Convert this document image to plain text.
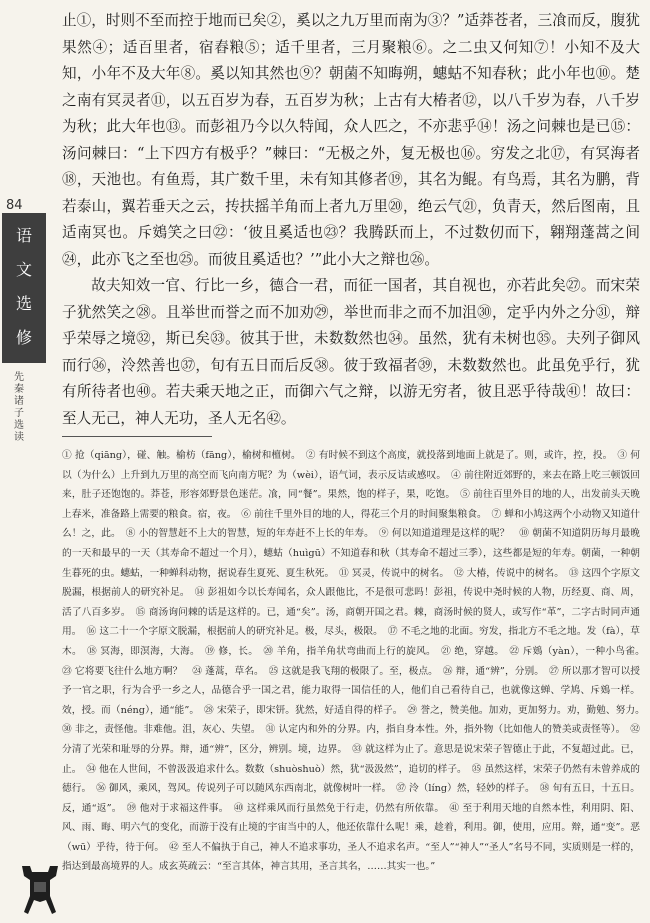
84
语
文
选
修
先秦诸子选读

止①，时则不至而控于地而已矣②，奚以之九万里而南为③？”适莽苍者，三飡而反，腹犹果然④；适百里者，宿舂粮⑤；适千里者，三月聚粮⑥。之二虫又何知⑦！小知不及大知，小年不及大年⑧。奚以知其然也⑨？朝菌不知晦朔，蟪蛄不知春秋；此小年也⑩。楚之南有冥灵者⑪，以五百岁为春，五百岁为秋；上古有大椿者⑫，以八千岁为春，八千岁为秋；此大年也⑬。而彭祖乃今以久特闻，众人匹之，不亦悲乎⑭！汤之问棘也是已⑮：汤问棘曰：“上下四方有极乎？”棘曰：“无极之外，复无极也⑯。穷发之北⑰，有冥海者⑱，天池也。有鱼焉，其广数千里，未有知其修者⑲，其名为鲲。有鸟焉，其名为鹏，背若泰山，翼若垂天之云，抟扶摇羊角而上者九万里⑳，绝云气㉑，负青天，然后图南，且适南冥也。斥鴳笑之曰㉒：‘彼且奚适也㉓？我腾跃而上，不过数仞而下，翱翔蓬蒿之间㉔，此亦飞之至也㉕。而彼且奚适也？’”此小大之辩也㉖。

故夫知效一官、行比一乡，德合一君，而征一国者，其自视也，亦若此矣㉗。而宋荣子犹然笑之㉘。且举世而誉之而不加劝㉙，举世而非之而不加沮㉚，定乎内外之分㉛，辩乎荣辱之境㉜，斯已矣㉝。彼其于世，未数数然也㉞。虽然，犹有未树也㉟。夫列子御风而行㊱，泠然善也㊲，旬有五日而后反㊳。彼于致福者㊴，未数数然也。此虽免乎行，犹有所待者也㊵。若夫乘天地之正，而御六气之辩，以游无穷者，彼且恶乎待哉㊶！故曰：至人无己，神人无功，圣人无名㊷。

① 抢（qiāng），碰、触。榆枋（fāng），榆树和檀树。　② 有时候不到这个高度，就投落到地面上就是了。则，或许，控，投。　③ 何以（为什么）上升到九万里的高空而飞向南方呢？为（wèi），语气词，表示反诘或感叹。　④ 前往附近郊野的，来去在路上吃三顿饭回来，肚子还饱饱的。莽苍，形容郊野景色迷茫。飡，同“餐”。果然，饱的样子，果，吃饱。　⑤ 前往百里外目的地的人，出发前头天晚上春米，准备路上需要的粮食。宿，夜。　⑥ 前往千里外目的地的人，得花三个月的时间聚集粮食。　⑦ 蝉和小鸠这两个小动物又知道什么！之，此。　⑧ 小的智慧赶不上大的智慧，短的年寿赶不上长的年寿。　⑨ 何以知道道理是这样的呢？　⑩ 朝菌不知道阴历每月最晚的一天和最早的一天（其寿命不超过一个月），蟪蛄（huìgū）不知道春和秋（其寿命不超过三季），这些都是短的年寿。朝菌，一种朝生暮死的虫。蟪蛄，一种蝉科动物，据说春生夏死、夏生秋死。　⑪ 冥灵，传说中的树名。　⑫ 大椿，传说中的树名。　⑬ 这四个字原文脱漏，根据前人的研究补足。　⑭ 彭祖如今以长寿闻名，众人跟他比，不是很可悲吗！彭祖，传说中尧时候的人物，历经夏、商、周，活了八百多岁。　⑮ 商汤询问棘的话是这样的。已，通“矣”。汤，商朝开国之君。棘，商汤时候的贤人，或写作“革”，二字古时同声通用。　⑯ 这二十一个字原文脱漏，根据前人的研究补足。极，尽头，极限。　⑰ 不毛之地的北面。穷发，指北方不毛之地。发（fà），草木。　⑱ 冥海，即溟海，大海。　⑲ 修，长。　⑳ 羊角，指羊角状弯曲而上行的旋风。　㉑ 绝，穿越。　㉒ 斥鴳（yàn），一种小鸟雀。　㉓ 它将要飞往什么地方啊？　㉔ 蓬蒿，草名。　㉕ 这就是我飞翔的极限了。至，极点。　㉖ 辩，通“辨”，分别。　㉗ 所以那才智可以授予一官之职，行为合乎一乡之人，品德合乎一国之君，能力取得一国信任的人，他们自己看待自己，也就像这蝉、学鸠、斥鴳一样。效，授。而（néng），通“能”。　㉘ 宋荣子，即宋钘。犹然，好适自得的样子。　㉙ 誉之，赞美他。加劝，更加努力。劝，勤勉、努力。　㉚ 非之，责怪他。非难他。沮，灰心、失望。　㉛ 认定内和外的分界。内，指自身本性。外，指外物（比如他人的赞美或责怪等）。　㉜ 分清了光荣和耻辱的分界。辩，通“辨”，区分，辨别。境，边界。　㉝ 就这样为止了。意思是说宋荣子智德止于此，不复超过此。已，止。　㉞ 他在人世间，不曾汲汲追求什么。数数（shuòshuò）然，犹“汲汲然”，追切的样子。　㉟ 虽然这样，宋荣子仍然有未曾养成的德行。　㊱ 御风，乘风，驾风。传说列子可以随风东西南北，就像树叶一样。　㊲ 泠（líng）然，轻妙的样子。　㊳ 旬有五日，十五日。反，通“返”。　㊴ 他对于求福这件事。　㊵ 这样乘风而行虽然免于行走，仍然有所依靠。　㊶ 至于利用天地的自然本性，利用阴、阳、风、雨、晦、明六气的变化，而游于没有止境的宇宙当中的人，他还依靠什么呢！乘，趁着，利用。御，使用，应用。辩，通“变”。恶（wū）乎待，待于何。　㊷ 至人不偏执于自己，神人不追求事功，圣人不追求名声。“至人”“神人”“圣人”名号不同，实质则是一样的，指达到最高境界的人。成玄英疏云：“至言其体，神言其用，圣言其名，……其实一也。”
